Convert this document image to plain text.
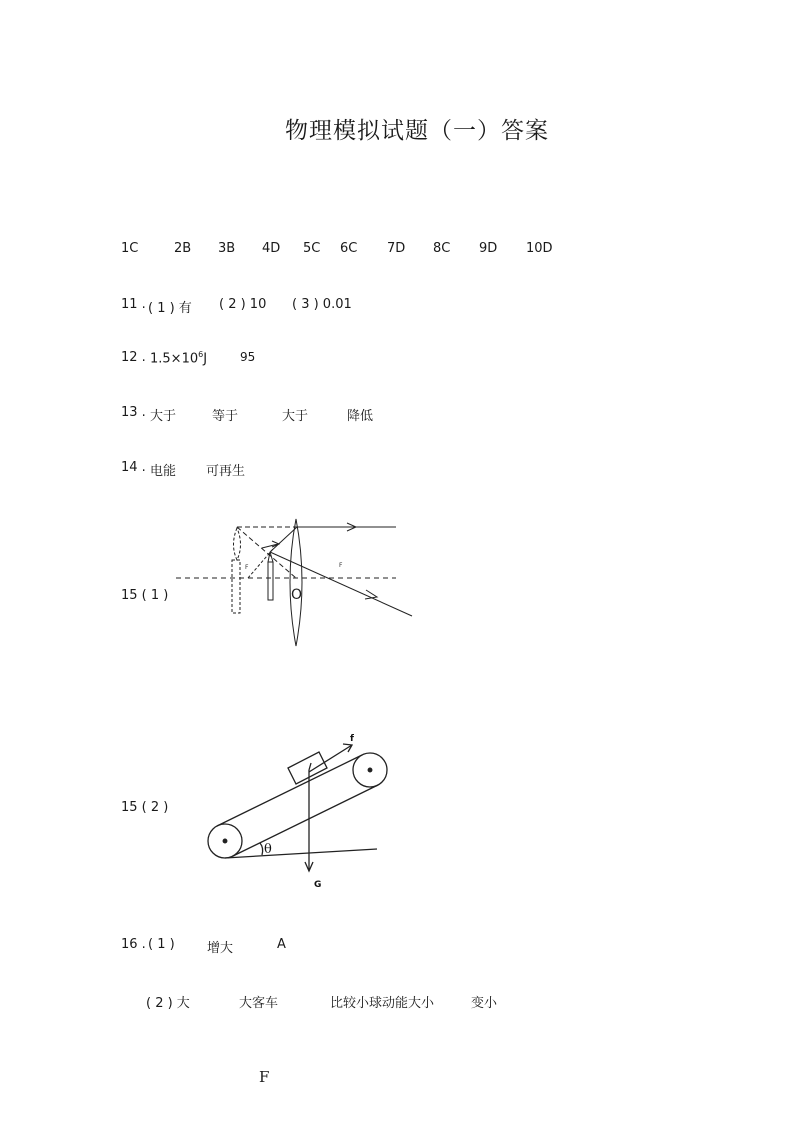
物理模拟试题（一）答案
1C	2B 3B 4D 5C 6C 7D 8C 9D 10D
11 . ( 1 ) 有 ( 2 ) 10 ( 3 ) 0.01
12 . $1.5\times 10^6J$	95
13 . 大于	等于	大于	降低
14 . 电能 可再生
15 ( 1 )
F	F
O
f
G
θ
15 ( 2 )
16 . ( 1 ) 增大	A
( 2 ) 大	大客车	比较小球动能大小	变小
F
